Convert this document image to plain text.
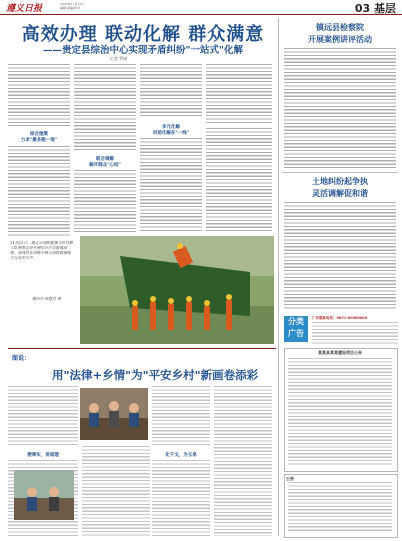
遵义日报	2023年11月15日
编辑/美编/校对	03 基层
高效办理 联动化解 群众满意
——贵定县综治中心实现矛盾纠纷"一站式"化解
记者 罗刚
综合施策
力求"最多跑一地"
联合调解
解开群众"心结"
多元化解
诉前化解在"一线"
11月21日，遵义市消防救援支队特勤大队到贵定县开展综合应急救援演练，指战员在训练中展示消防救援能力与技术水平。
通讯员 杨慧芬 摄
图说：
用"法律+乡情"为"平安乡村"新画卷添彩
摆事实，讲道理	化干戈，为玉帛
镇远县检察院
开展案例讲评活动
土地纠纷起争执
灵活调解促和谐
分类
广告
广告联系电话：0851-00000000
某某县某某建设项目公告
公告
